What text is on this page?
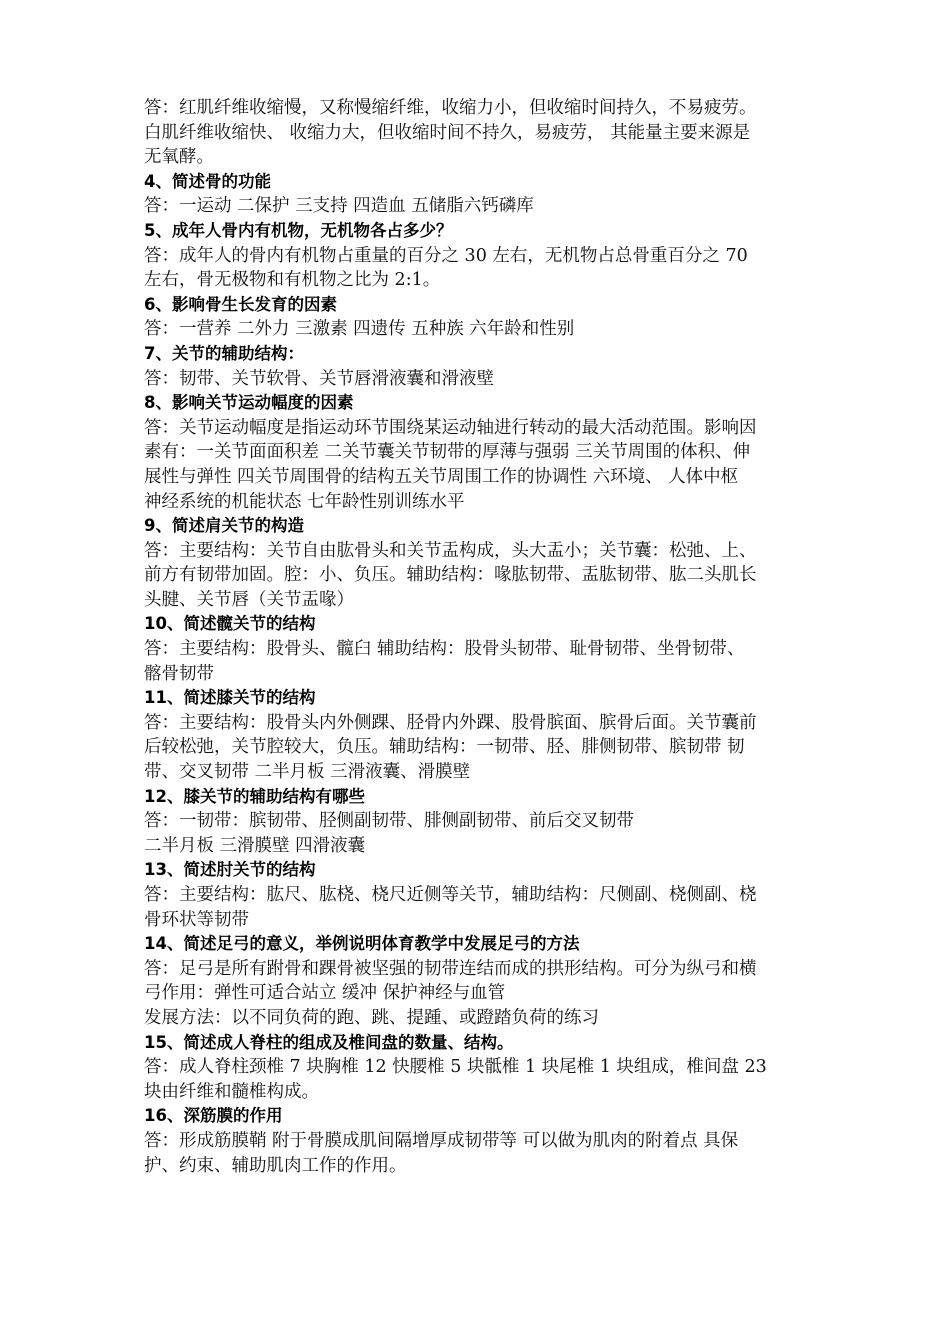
答：红肌纤维收缩慢，又称慢缩纤维，收缩力小，但收缩时间持久，不易疲劳。
白肌纤维收缩快、 收缩力大，但收缩时间不持久，易疲劳， 其能量主要来源是
无氧酵。
4、简述骨的功能
答：一运动 二保护 三支持 四造血 五储脂六钙磷库
5、成年人骨内有机物，无机物各占多少？
答：成年人的骨内有机物占重量的百分之 30 左右，无机物占总骨重百分之 70
左右，骨无极物和有机物之比为 2:1。
6、影响骨生长发育的因素
答：一营养 二外力 三激素 四遗传 五种族 六年龄和性别
7、关节的辅助结构：
答：韧带、关节软骨、关节唇滑液囊和滑液壁
8、影响关节运动幅度的因素
答：关节运动幅度是指运动环节围绕某运动轴进行转动的最大活动范围。影响因
素有：一关节面面积差 二关节囊关节韧带的厚薄与强弱 三关节周围的体积、伸
展性与弹性 四关节周围骨的结构五关节周围工作的协调性 六环境、 人体中枢
神经系统的机能状态 七年龄性别训练水平
9、简述肩关节的构造
答：主要结构：关节自由肱骨头和关节盂构成，头大盂小；关节囊：松弛、上、
前方有韧带加固。腔：小、负压。辅助结构：喙肱韧带、盂肱韧带、肱二头肌长
头腱、关节唇（关节盂喙）
10、简述髋关节的结构
答：主要结构：股骨头、髋臼 辅助结构：股骨头韧带、耻骨韧带、坐骨韧带、
髂骨韧带
11、简述膝关节的结构
答：主要结构：股骨头内外侧踝、胫骨内外踝、股骨膑面、膑骨后面。关节囊前
后较松弛，关节腔较大，负压。辅助结构：一韧带、胫、腓侧韧带、膑韧带 韧
带、交叉韧带 二半月板 三滑液囊、滑膜壁
12、膝关节的辅助结构有哪些
答：一韧带：膑韧带、胫侧副韧带、腓侧副韧带、前后交叉韧带
二半月板 三滑膜壁 四滑液囊
13、简述肘关节的结构
答：主要结构：肱尺、肱桡、桡尺近侧等关节，辅助结构：尺侧副、桡侧副、桡
骨环状等韧带
14、简述足弓的意义，举例说明体育教学中发展足弓的方法
答：足弓是所有跗骨和踝骨被坚强的韧带连结而成的拱形结构。可分为纵弓和横
弓作用：弹性可适合站立 缓冲 保护神经与血管
发展方法：以不同负荷的跑、跳、提踵、或蹬踏负荷的练习
15、简述成人脊柱的组成及椎间盘的数量、结构。
答：成人脊柱颈椎 7 块胸椎 12 快腰椎 5 块骶椎 1 块尾椎 1 块组成，椎间盘 23
块由纤维和髓椎构成。
16、深筋膜的作用
答：形成筋膜鞘 附于骨膜成肌间隔增厚成韧带等 可以做为肌肉的附着点 具保
护、约束、辅助肌肉工作的作用。
